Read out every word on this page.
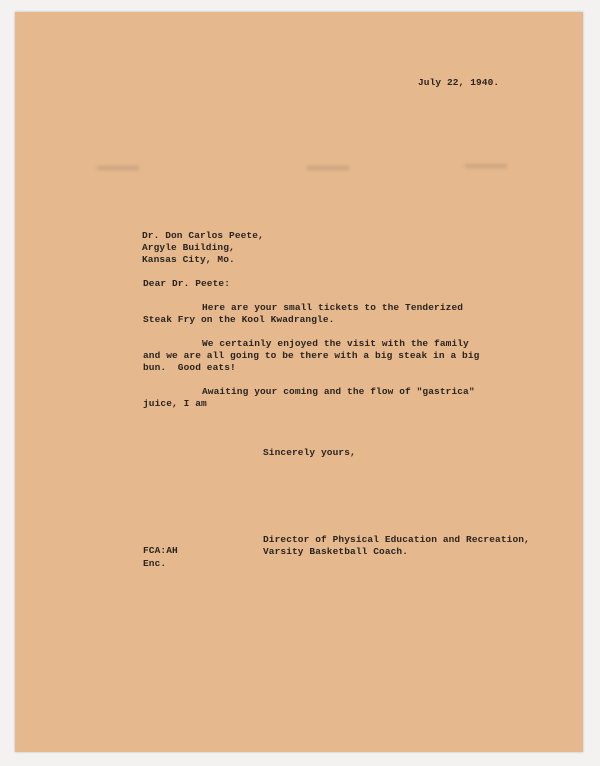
July 22, 1940.
Dr. Don Carlos Peete,
Argyle Building,
Kansas City, Mo.
Dear Dr. Peete:
Here are your small tickets to the Tenderized
Steak Fry on the Kool Kwadrangle.
We certainly enjoyed the visit with the family
and we are all going to be there with a big steak in a big
bun.  Good eats!
Awaiting your coming and the flow of "gastrica"
juice, I am
Sincerely yours,
Director of Physical Education and Recreation,
Varsity Basketball Coach.
FCA:AH
Enc.
